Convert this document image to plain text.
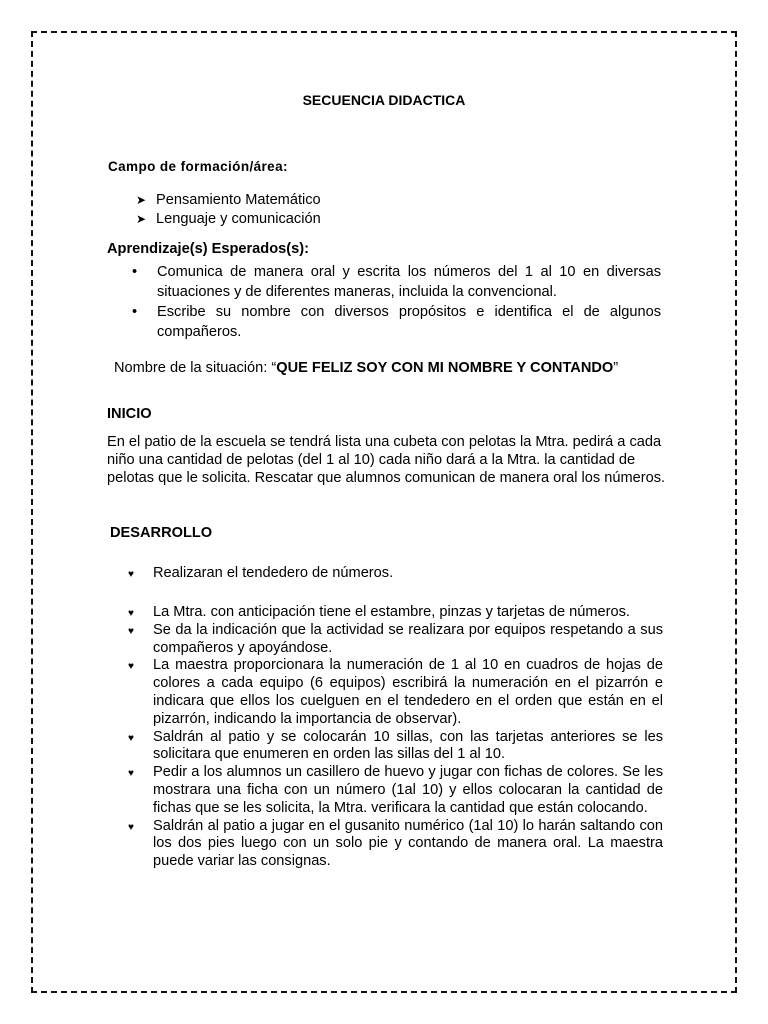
SECUENCIA DIDACTICA
Campo de formación/área:
➤ Pensamiento Matemático
➤ Lenguaje y comunicación
Aprendizaje(s) Esperados(s):
• Comunica de manera oral y escrita los números del 1 al 10 en diversas situaciones y de diferentes maneras, incluida la convencional.
• Escribe su nombre con diversos propósitos e identifica el de algunos compañeros.
Nombre de la situación: “QUE FELIZ SOY CON MI NOMBRE Y CONTANDO”
INICIO
En el patio de la escuela se tendrá lista una cubeta con pelotas la Mtra. pedirá a cada niño una cantidad de pelotas (del 1 al 10) cada niño dará a la Mtra. la cantidad de pelotas que le solicita. Rescatar que alumnos comunican de manera oral los números.
DESARROLLO
♥ Realizaran el tendedero de números.
♥ La Mtra. con anticipación tiene el estambre, pinzas y tarjetas de números.
♥ Se da la indicación que la actividad se realizara por equipos respetando a sus compañeros y apoyándose.
♥ La maestra proporcionara la numeración de 1 al 10 en cuadros de hojas de colores a cada equipo (6 equipos) escribirá la numeración en el pizarrón e indicara que ellos los cuelguen en el tendedero en el orden que están en el pizarrón, indicando la importancia de observar).
♥ Saldrán al patio y se colocarán 10 sillas, con las tarjetas anteriores se les solicitara que enumeren en orden las sillas del 1 al 10.
♥ Pedir a los alumnos un casillero de huevo y jugar con fichas de colores. Se les mostrara una ficha con un número (1al 10) y ellos colocaran la cantidad de fichas que se les solicita, la Mtra. verificara la cantidad que están colocando.
♥ Saldrán al patio a jugar en el gusanito numérico (1al 10) lo harán saltando con los dos pies luego con un solo pie y contando de manera oral. La maestra puede variar las consignas.
